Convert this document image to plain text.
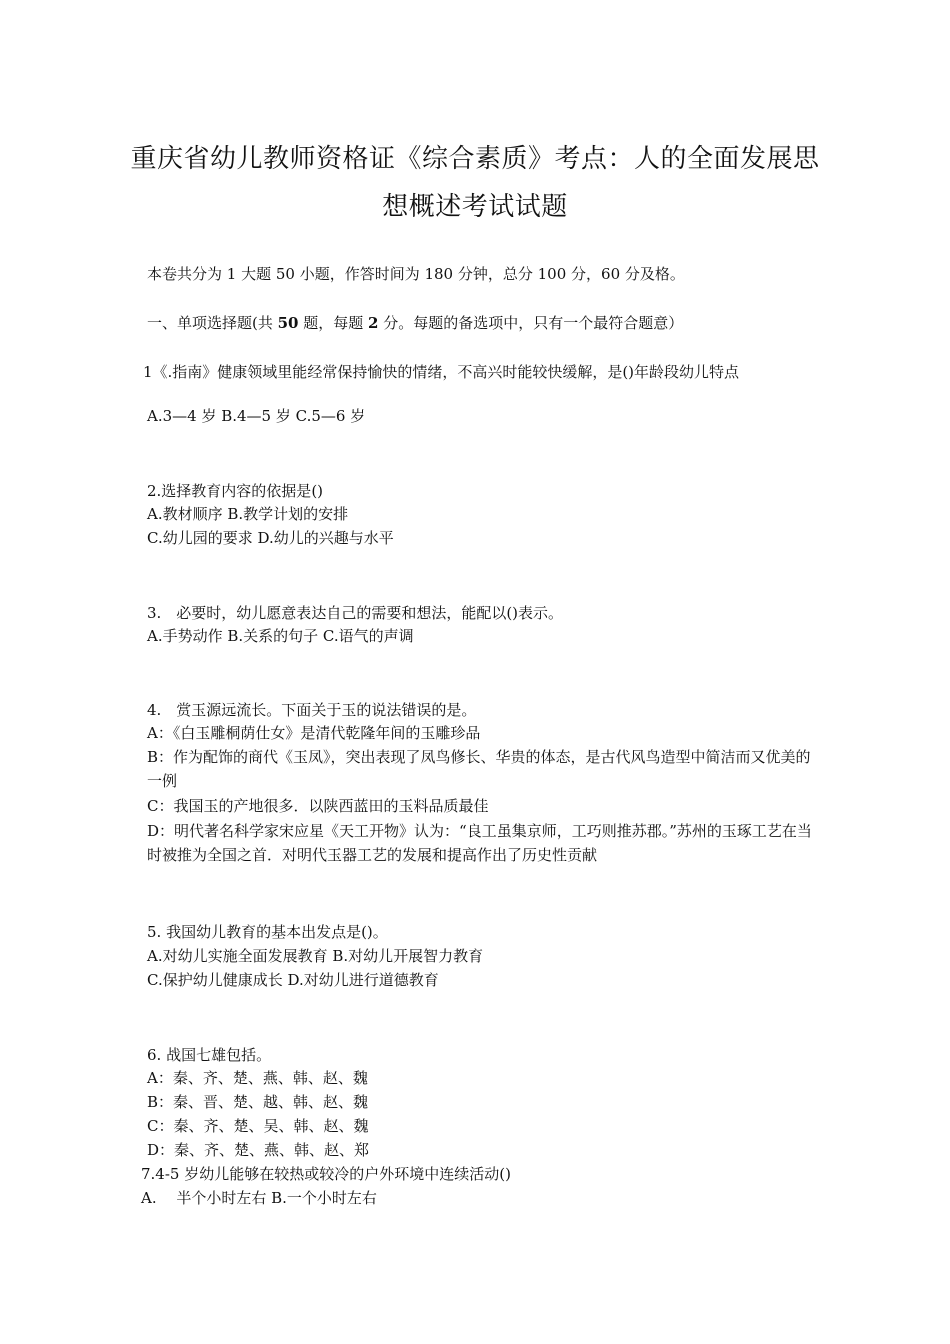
重庆省幼儿教师资格证《综合素质》考点：人的全面发展思
想概述考试试题
本卷共分为 1 大题 50 小题，作答时间为 180 分钟，总分 100 分，60 分及格。
一、单项选择题(共 50 题，每题 2 分。每题的备选项中，只有一个最符合题意）
1《.指南》健康领域里能经常保持愉快的情绪，不高兴时能较快缓解，是()年龄段幼儿特点
A.3—4 岁 B.4—5 岁 C.5—6 岁
2.选择教育内容的依据是()
A.教材顺序 B.教学计划的安排
C.幼儿园的要求 D.幼儿的兴趣与水平
3.　必要时，幼儿愿意表达自己的需要和想法，能配以()表示。
A.手势动作 B.关系的句子 C.语气的声调
4.　赏玉源远流长。下面关于玉的说法错误的是。
A：《白玉雕桐荫仕女》是清代乾隆年间的玉雕珍品
B：作为配饰的商代《玉凤》，突出表现了凤鸟修长、华贵的体态，是古代风鸟造型中简洁而又优美的一例
C：我国玉的产地很多．以陕西蓝田的玉料品质最佳
D：明代著名科学家宋应星《天工开物》认为：“良工虽集京师，工巧则推苏郡。”苏州的玉琢工艺在当时被推为全国之首．对明代玉器工艺的发展和提高作出了历史性贡献
5. 我国幼儿教育的基本出发点是()。
A.对幼儿实施全面发展教育 B.对幼儿开展智力教育
C.保护幼儿健康成长 D.对幼儿进行道德教育
6. 战国七雄包括。
A：秦、齐、楚、燕、韩、赵、魏
B：秦、晋、楚、越、韩、赵、魏
C：秦、齐、楚、吴、韩、赵、魏
D：秦、齐、楚、燕、韩、赵、郑
7.4-5 岁幼儿能够在较热或较冷的户外环境中连续活动()
A.　 半个小时左右 B.一个小时左右
